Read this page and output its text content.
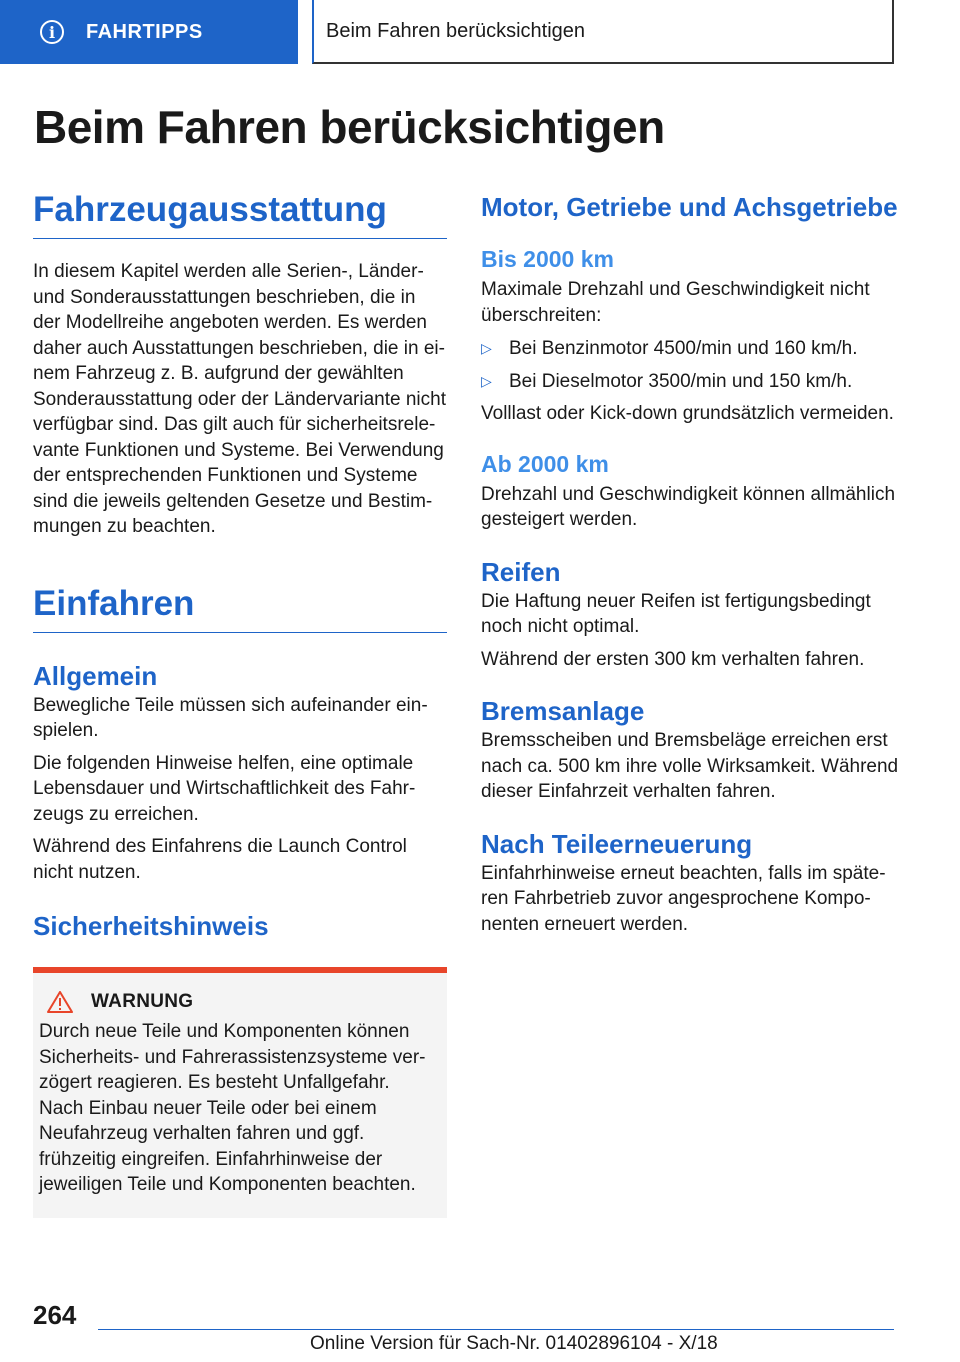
i	FAHRTIPPS	Beim Fahren berücksichtigen
Beim Fahren berücksichtigen
Fahrzeugausstattung

In diesem Kapitel werden alle Serien-, Länder- und Sonderausstattungen beschrieben, die in der Modellreihe angeboten werden. Es werden daher auch Ausstattungen beschrieben, die in einem Fahrzeug z. B. aufgrund der gewählten Sonderausstattung oder der Ländervariante nicht verfügbar sind. Das gilt auch für sicherheitsrelevante Funktionen und Systeme. Bei Verwendung der entsprechenden Funktionen und Systeme sind die jeweils geltenden Gesetze und Bestimmungen zu beachten.

Einfahren
Allgemein

Bewegliche Teile müssen sich aufeinander einspielen.

Die folgenden Hinweise helfen, eine optimale Lebensdauer und Wirtschaftlichkeit des Fahrzeugs zu erreichen.

Während des Einfahrens die Launch Control nicht nutzen.

Sicherheitshinweis
WARNUNG

Durch neue Teile und Komponenten können Sicherheits- und Fahrerassistenzsysteme verzögert reagieren. Es besteht Unfallgefahr. Nach Einbau neuer Teile oder bei einem Neufahrzeug verhalten fahren und ggf. frühzeitig eingreifen. Einfahrhinweise der jeweiligen Teile und Komponenten beachten.

Motor, Getriebe und Achsgetriebe
Bis 2000 km

Maximale Drehzahl und Geschwindigkeit nicht überschreiten:

▷ Bei Benzinmotor 4500/min und 160 km/h.
▷ Bei Dieselmotor 3500/min und 150 km/h.

Volllast oder Kick-down grundsätzlich vermeiden.

Ab 2000 km

Drehzahl und Geschwindigkeit können allmählich gesteigert werden.

Reifen

Die Haftung neuer Reifen ist fertigungsbedingt noch nicht optimal.

Während der ersten 300 km verhalten fahren.

Bremsanlage

Bremsscheiben und Bremsbeläge erreichen erst nach ca. 500 km ihre volle Wirksamkeit. Während dieser Einfahrzeit verhalten fahren.

Nach Teileerneuerung

Einfahrhinweise erneut beachten, falls im späteren Fahrbetrieb zuvor angesprochene Komponenten erneuert werden.

264
Online Version für Sach-Nr. 01402896104 - X/18
